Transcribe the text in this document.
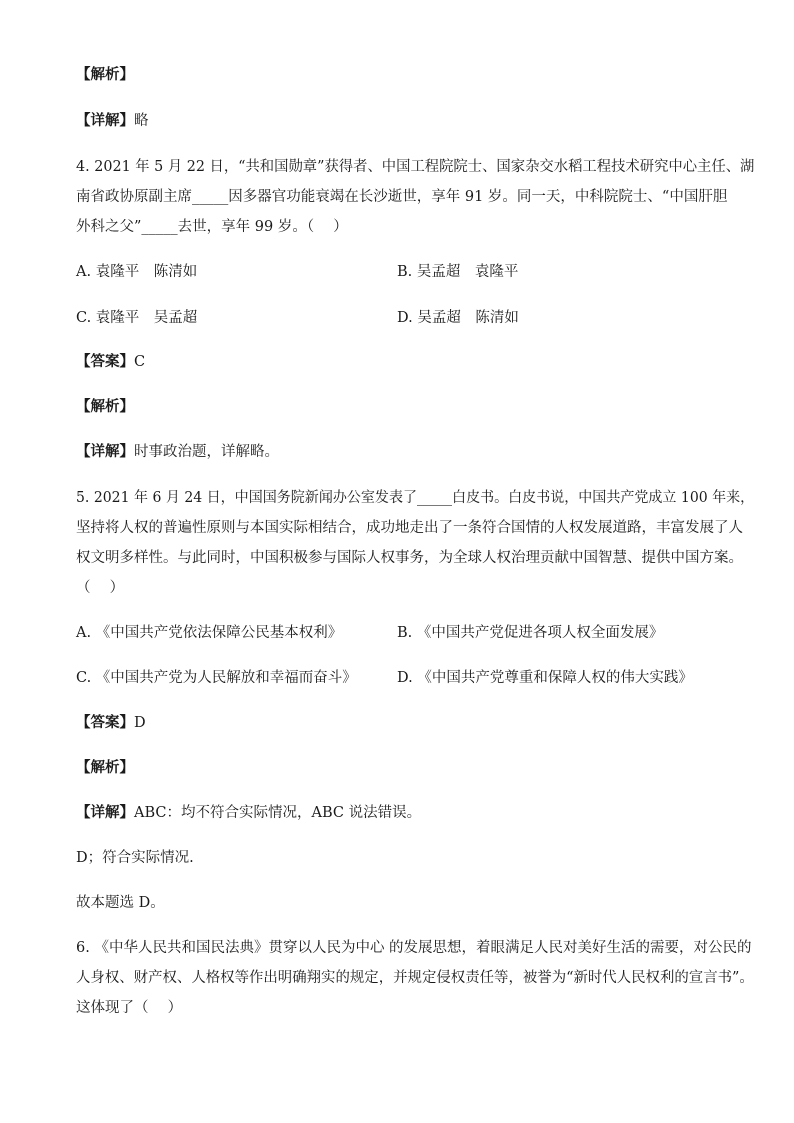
【解析】
【详解】略
4. 2021 年 5 月 22 日，“共和国勋章”获得者、中国工程院院士、国家杂交水稻工程技术研究中心主任、湖
南省政协原副主席_____因多器官功能衰竭在长沙逝世，享年 91 岁。同一天，中科院院士、“中国肝胆
外科之父”_____去世，享年 99 岁。（　 ）
A. 袁隆平　陈清如	B. 吴孟超　袁隆平
C. 袁隆平　吴孟超	D. 吴孟超　陈清如
【答案】C
【解析】
【详解】时事政治题，详解略。
5. 2021 年 6 月 24 日，中国国务院新闻办公室发表了_____白皮书。白皮书说，中国共产党成立 100 年来，
坚持将人权的普遍性原则与本国实际相结合，成功地走出了一条符合国情的人权发展道路，丰富发展了人
权文明多样性。与此同时，中国积极参与国际人权事务，为全球人权治理贡献中国智慧、提供中国方案。
（　 ）
A. 《中国共产党依法保障公民基本权利》	B. 《中国共产党促进各项人权全面发展》
C. 《中国共产党为人民解放和幸福而奋斗》	D. 《中国共产党尊重和保障人权的伟大实践》
【答案】D
【解析】
【详解】ABC：均不符合实际情况，ABC 说法错误。
D；符合实际情况.
故本题选 D。
6. 《中华人民共和国民法典》贯穿以人民为中心 的发展思想，着眼满足人民对美好生活的需要，对公民的
人身权、财产权、人格权等作出明确翔实的规定，并规定侵权责任等，被誉为“新时代人民权利的宣言书”。
这体现了（　 ）
